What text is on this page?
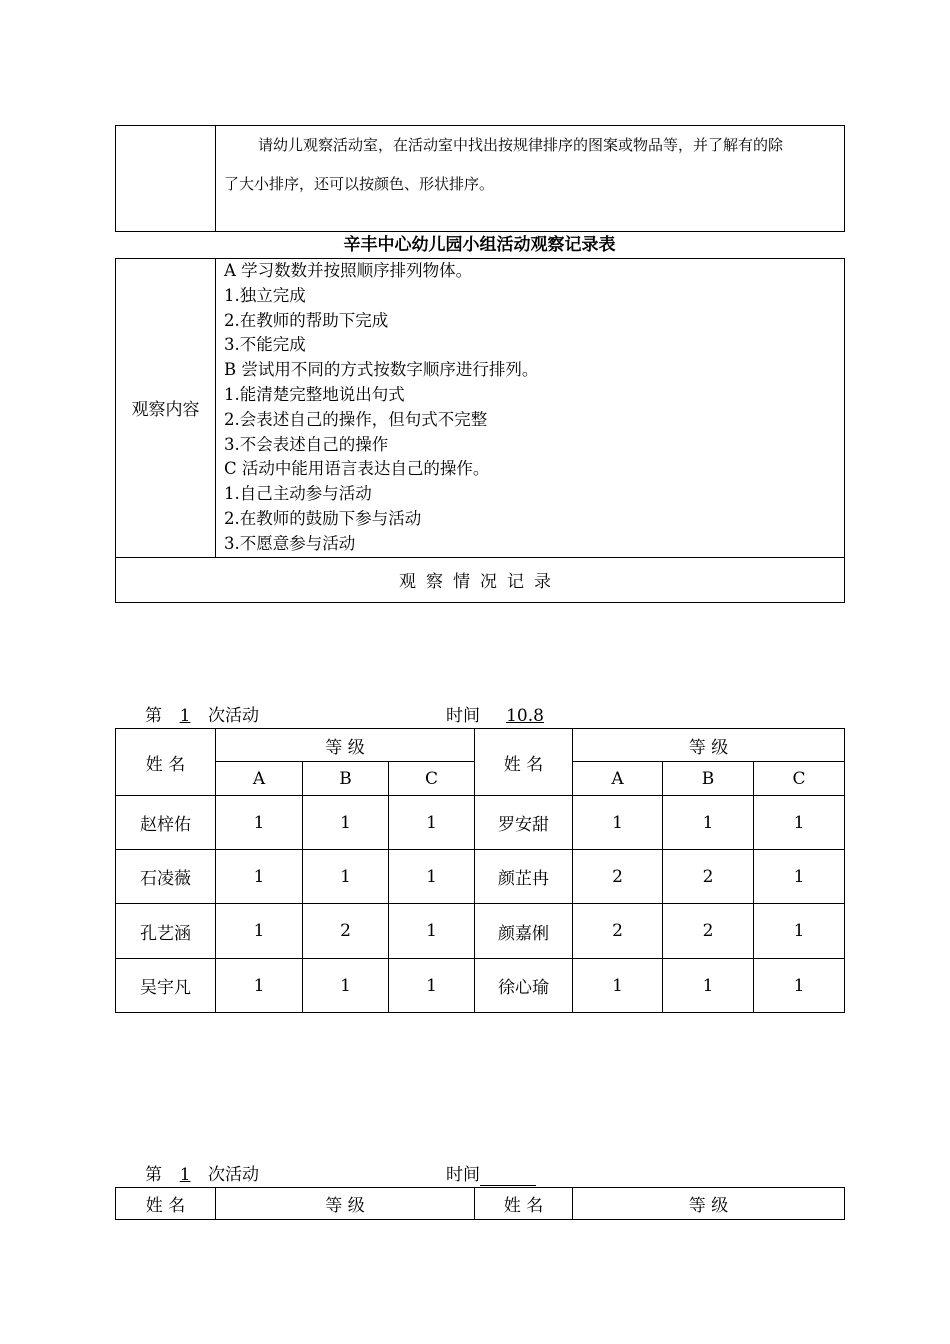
	请幼儿观察活动室，在活动室中找出按规律排序的图案或物品等，并了解有的除
了大小排序，还可以按颜色、形状排序。
辛丰中心幼儿园小组活动观察记录表
观察内容	
A 学习数数并按照顺序排列物体。
1.独立完成
2.在教师的帮助下完成
3.不能完成
B 尝试用不同的方式按数字顺序进行排列。
1.能清楚完整地说出句式
2.会表述自己的操作，但句式不完整
3.不会表述自己的操作
C 活动中能用语言表达自己的操作。
1.自己主动参与活动
2.在教师的鼓励下参与活动
3.不愿意参与活动

观察情况记录
第 1 次活动	时间 10.8
姓 名	等 级			姓 名	等 级		
	A	B	C		A	B	C
赵梓佑	1	1	1	罗安甜	1	1	1
石凌薇	1	1	1	颜芷冉	2	2	1
孔艺涵	1	2	1	颜嘉俐	2	2	1
吴宇凡	1	1	1	徐心瑜	1	1	1
第 1 次活动	时间
姓 名	等 级	姓 名	等 级
